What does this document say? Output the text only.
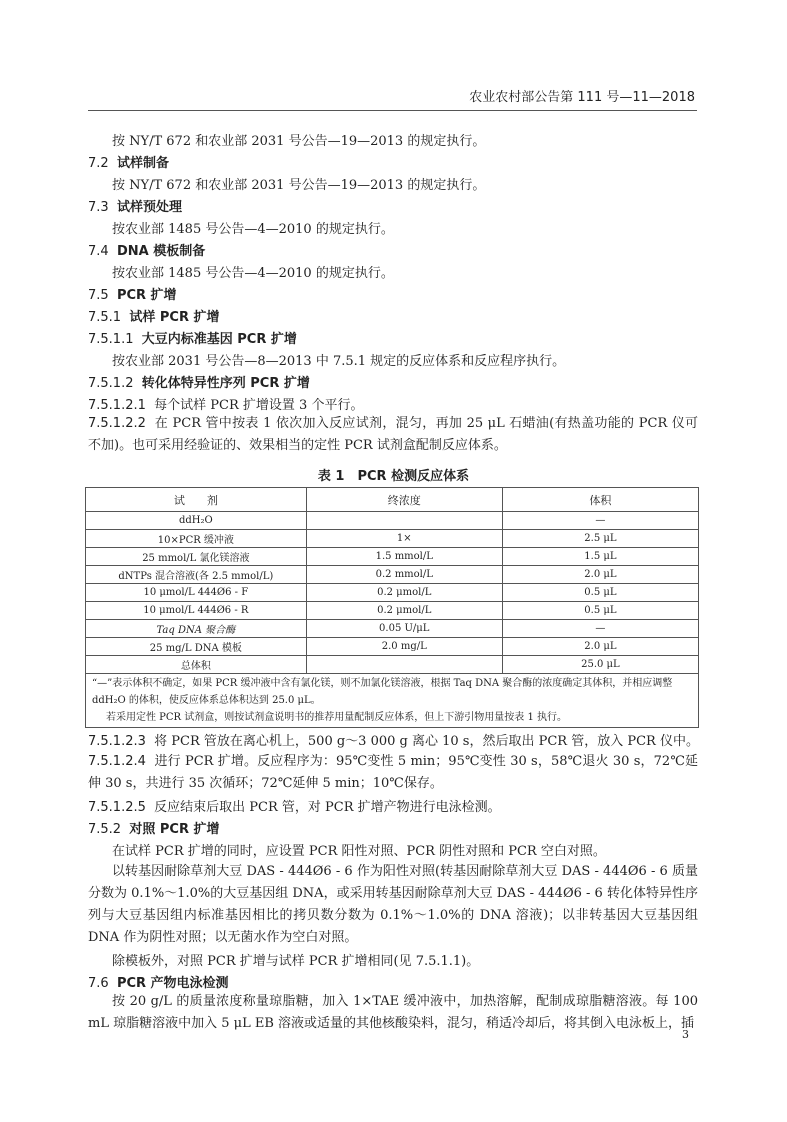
农业农村部公告第 111 号—11—2018
按 NY/T 672 和农业部 2031 号公告—19—2013 的规定执行。
7.2 试样制备
按 NY/T 672 和农业部 2031 号公告—19—2013 的规定执行。
7.3 试样预处理
按农业部 1485 号公告—4—2010 的规定执行。
7.4 DNA 模板制备
按农业部 1485 号公告—4—2010 的规定执行。
7.5 PCR 扩增
7.5.1 试样 PCR 扩增
7.5.1.1 大豆内标准基因 PCR 扩增
按农业部 2031 号公告—8—2013 中 7.5.1 规定的反应体系和反应程序执行。
7.5.1.2 转化体特异性序列 PCR 扩增
7.5.1.2.1 每个试样 PCR 扩增设置 3 个平行。
7.5.1.2.2 在 PCR 管中按表 1 依次加入反应试剂，混匀，再加 25 μL 石蜡油(有热盖功能的 PCR 仪可不加)。也可采用经验证的、效果相当的定性 PCR 试剂盒配制反应体系。
表 1　PCR 检测反应体系
试　　剂	终浓度	体积
ddH₂O		—
10×PCR 缓冲液	1×	2.5 μL
25 mmol/L 氯化镁溶液	1.5 mmol/L	1.5 μL
dNTPs 混合溶液(各 2.5 mmol/L)	0.2 mmol/L	2.0 μL
10 μmol/L 444Ø6 - F	0.2 μmol/L	0.5 μL
10 μmol/L 444Ø6 - R	0.2 μmol/L	0.5 μL
Taq DNA 聚合酶	0.05 U/μL	—
25 mg/L DNA 模板	2.0 mg/L	2.0 μL
总体积		25.0 μL

“—”表示体积不确定，如果 PCR 缓冲液中含有氯化镁，则不加氯化镁溶液，根据 Taq DNA 聚合酶的浓度确定其体积，并相应调整 ddH₂O 的体积，使反应体系总体积达到 25.0 μL。
若采用定性 PCR 试剂盒，则按试剂盒说明书的推荐用量配制反应体系，但上下游引物用量按表 1 执行。		
7.5.1.2.3 将 PCR 管放在离心机上，500 g～3 000 g 离心 10 s，然后取出 PCR 管，放入 PCR 仪中。
7.5.1.2.4 进行 PCR 扩增。反应程序为：95℃变性 5 min；95℃变性 30 s，58℃退火 30 s，72℃延伸 30 s，共进行 35 次循环；72℃延伸 5 min；10℃保存。
7.5.1.2.5 反应结束后取出 PCR 管，对 PCR 扩增产物进行电泳检测。
7.5.2 对照 PCR 扩增
在试样 PCR 扩增的同时，应设置 PCR 阳性对照、PCR 阴性对照和 PCR 空白对照。
以转基因耐除草剂大豆 DAS - 444Ø6 - 6 作为阳性对照(转基因耐除草剂大豆 DAS - 444Ø6 - 6 质量分数为 0.1%～1.0%的大豆基因组 DNA，或采用转基因耐除草剂大豆 DAS - 444Ø6 - 6 转化体特异性序列与大豆基因组内标准基因相比的拷贝数分数为 0.1%～1.0%的 DNA 溶液)；以非转基因大豆基因组 DNA 作为阴性对照；以无菌水作为空白对照。
除模板外，对照 PCR 扩增与试样 PCR 扩增相同(见 7.5.1.1)。
7.6 PCR 产物电泳检测
按 20 g/L 的质量浓度称量琼脂糖，加入 1×TAE 缓冲液中，加热溶解，配制成琼脂糖溶液。每 100 mL 琼脂糖溶液中加入 5 μL EB 溶液或适量的其他核酸染料，混匀，稍适冷却后，将其倒入电泳板上，插
3
